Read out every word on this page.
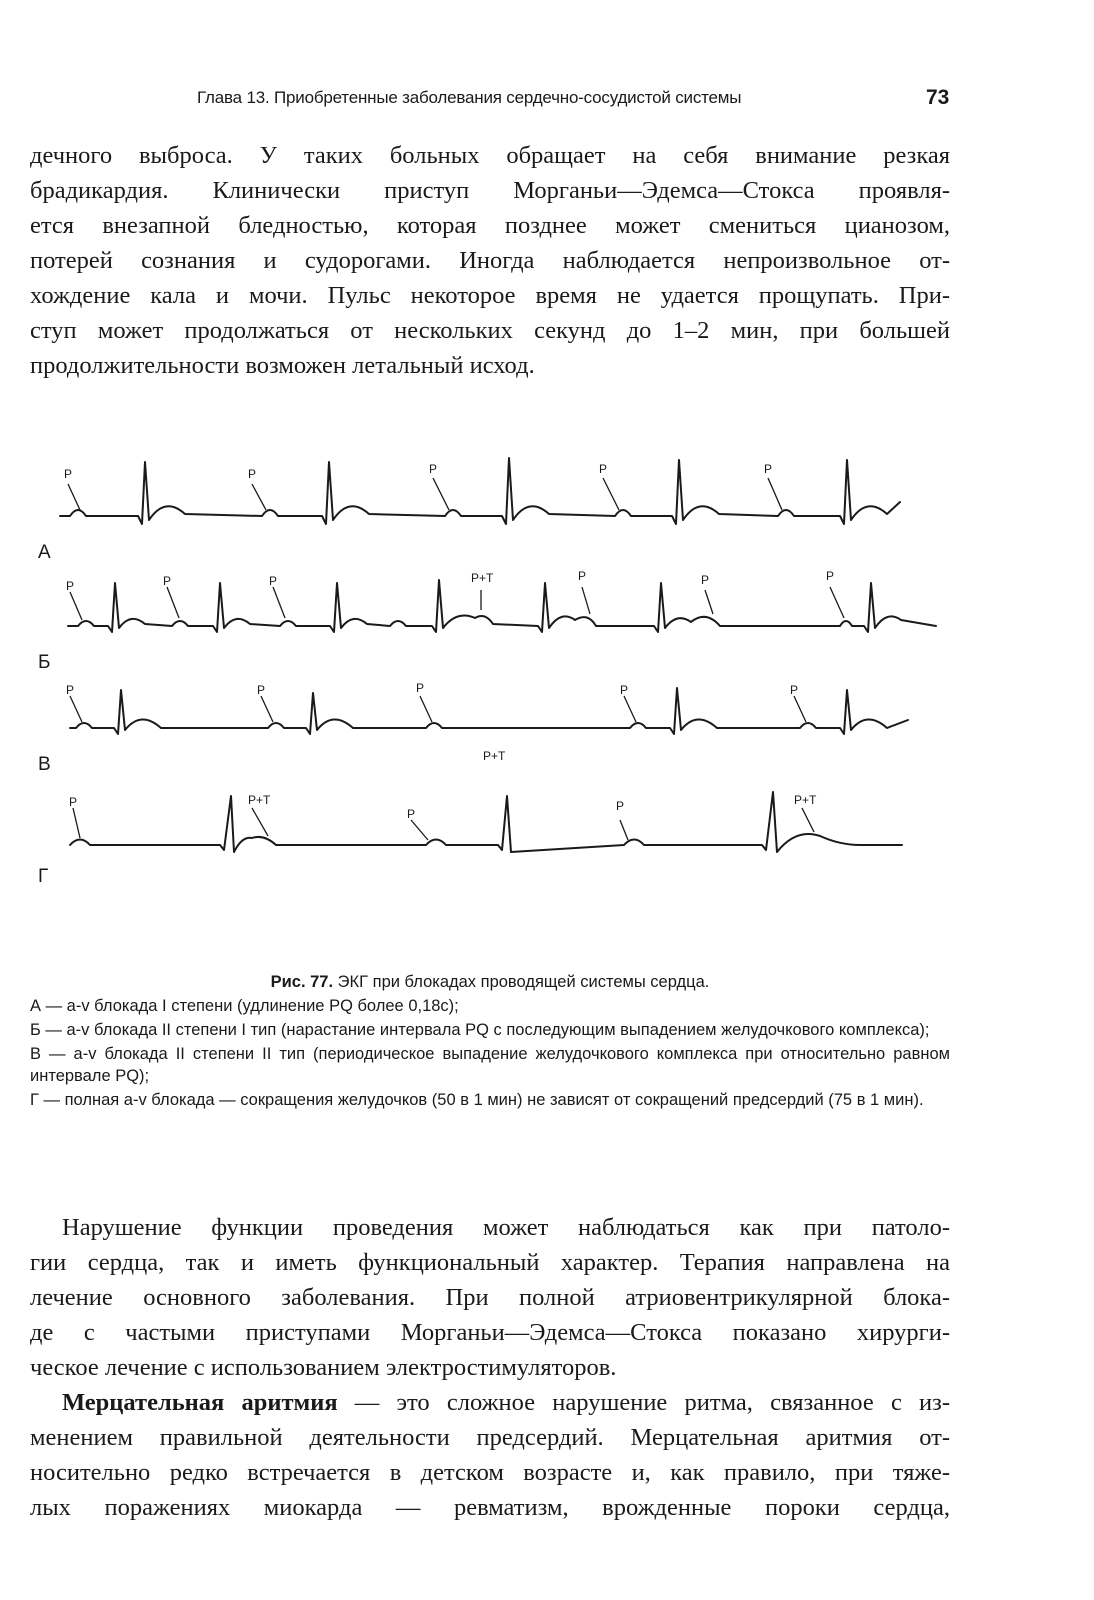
Глава 13. Приобретенные заболевания сердечно-сосудистой системы	73
дечного выброса. У таких больных обращает на себя внимание резкая
брадикардия. Клинически приступ Морганьи—Эдемса—Стокса проявля-
ется внезапной бледностью, которая позднее может смениться цианозом,
потерей сознания и судорогами. Иногда наблюдается непроизвольное от-
хождение кала и мочи. Пульс некоторое время не удается прощупать. При-
ступ может продолжаться от нескольких секунд до 1–2 мин, при большей
продолжительности возможен летальный исход.
P	P	P	P	P
А
P	P	P	P+T	P	P	P
Б
P	P	P	P	P
P+T
В
P	P+T
P
P	P+T
Г
Рис. 77. ЭКГ при блокадах проводящей системы сердца.
А — a-v блокада I степени (удлинение PQ более 0,18с);
Б — a-v блокада II степени I тип (нарастание интервала PQ с последующим выпадением желудочкового комплекса);
В — a-v блокада II степени II тип (периодическое выпадение желудочкового комплекса при относительно равном интервале PQ);
Г — полная a-v блокада — сокращения желудочков (50 в 1 мин) не зависят от сокращений предсердий (75 в 1 мин).
Нарушение функции проведения может наблюдаться как при патоло-
гии сердца, так и иметь функциональный характер. Терапия направлена на
лечение основного заболевания. При полной атриовентрикулярной блока-
де с частыми приступами Морганьи—Эдемса—Стокса показано хирурги-
ческое лечение с использованием электростимуляторов.
Мерцательная аритмия — это сложное нарушение ритма, связанное с из-
менением правильной деятельности предсердий. Мерцательная аритмия от-
носительно редко встречается в детском возрасте и, как правило, при тяже-
лых поражениях миокарда — ревматизм, врожденные пороки сердца,
